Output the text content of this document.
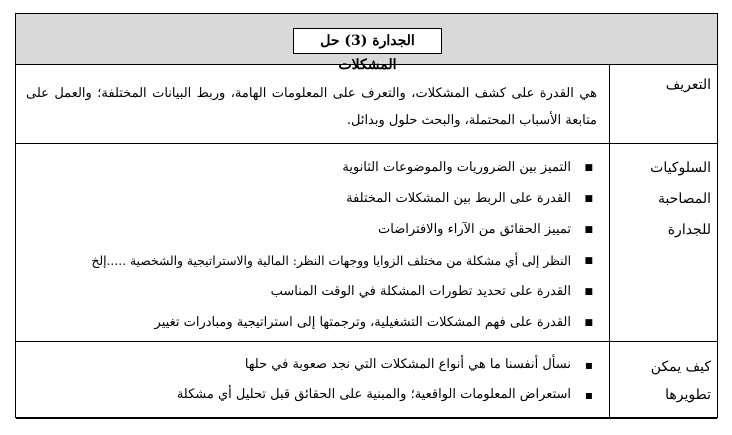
الجدارة (3) حل المشكلات
التعريف
هي القدرة على كشف المشكلات، والتعرف على المعلومات الهامة، وربط البيانات المختلفة؛ والعمل على متابعة الأسباب المحتملة، والبحث حلول وبدائل.
السلوكيات
المصاحبة
للجدارة
■
التميز بين الضروريات والموضوعات الثانوية
■
القدرة على الربط بين المشكلات المختلفة
■
تمييز الحقائق من الآراء والافتراضات
■
النظر إلى أي مشكلة من مختلف الزوايا ووجهات النظر: المالية والاستراتيجية والشخصية .....إلخ
■
القدرة على تحديد تطورات المشكلة في الوقت المناسب
■
القدرة على فهم المشكلات التشغيلية، وترجمتها إلى استراتيجية ومبادرات تغيير
كيف يمكن
تطويرها
▪
نسأل أنفسنا ما هي أنواع المشكلات التي نجد صعوبة في حلها
▪
استعراض المعلومات الواقعية؛ والمبنية على الحقائق قبل تحليل أي مشكلة
